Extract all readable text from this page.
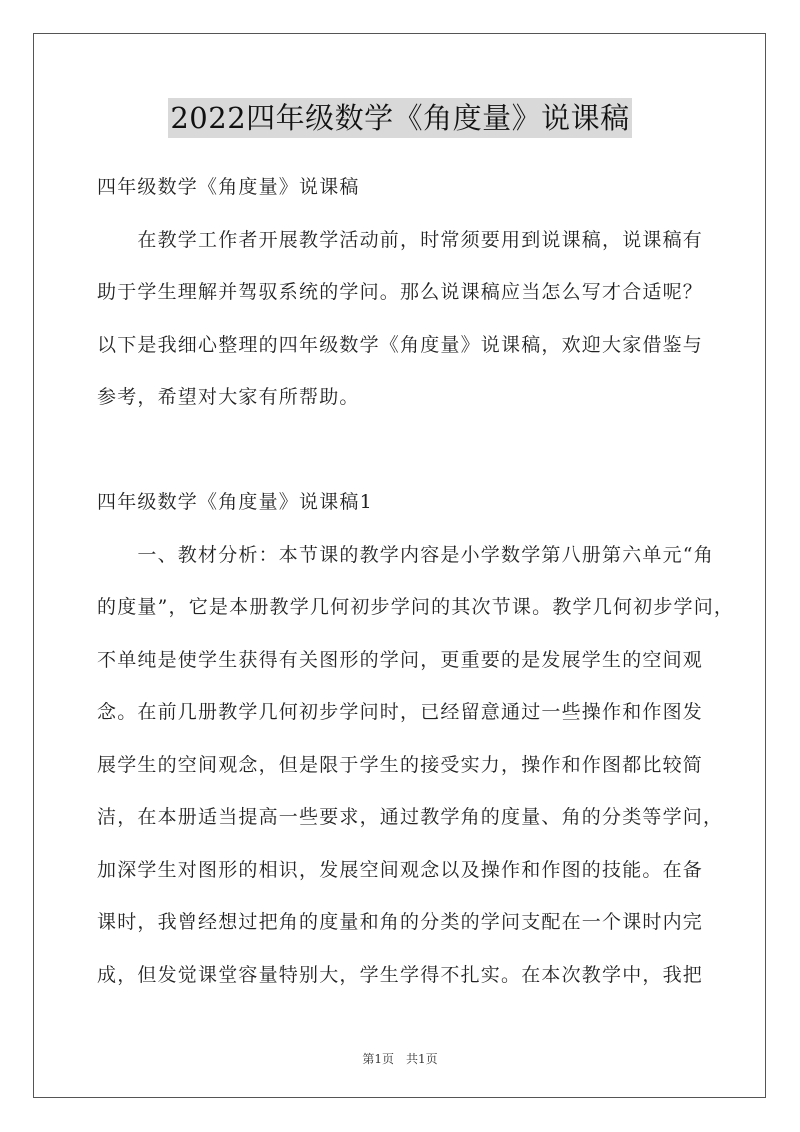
2022四年级数学《角度量》说课稿
四年级数学《角度量》说课稿
　　在教学工作者开展教学活动前，时常须要用到说课稿，说课稿有
助于学生理解并驾驭系统的学问。那么说课稿应当怎么写才合适呢？
以下是我细心整理的四年级数学《角度量》说课稿，欢迎大家借鉴与
参考，希望对大家有所帮助。
四年级数学《角度量》说课稿1
　　一、教材分析：本节课的教学内容是小学数学第八册第六单元“角
的度量”，它是本册教学几何初步学问的其次节课。教学几何初步学问，
不单纯是使学生获得有关图形的学问，更重要的是发展学生的空间观
念。在前几册教学几何初步学问时，已经留意通过一些操作和作图发
展学生的空间观念，但是限于学生的接受实力，操作和作图都比较简
洁，在本册适当提高一些要求，通过教学角的度量、角的分类等学问，
加深学生对图形的相识，发展空间观念以及操作和作图的技能。在备
课时，我曾经想过把角的度量和角的分类的学问支配在一个课时内完
成，但发觉课堂容量特别大，学生学得不扎实。在本次教学中，我把
第1页　共1页
